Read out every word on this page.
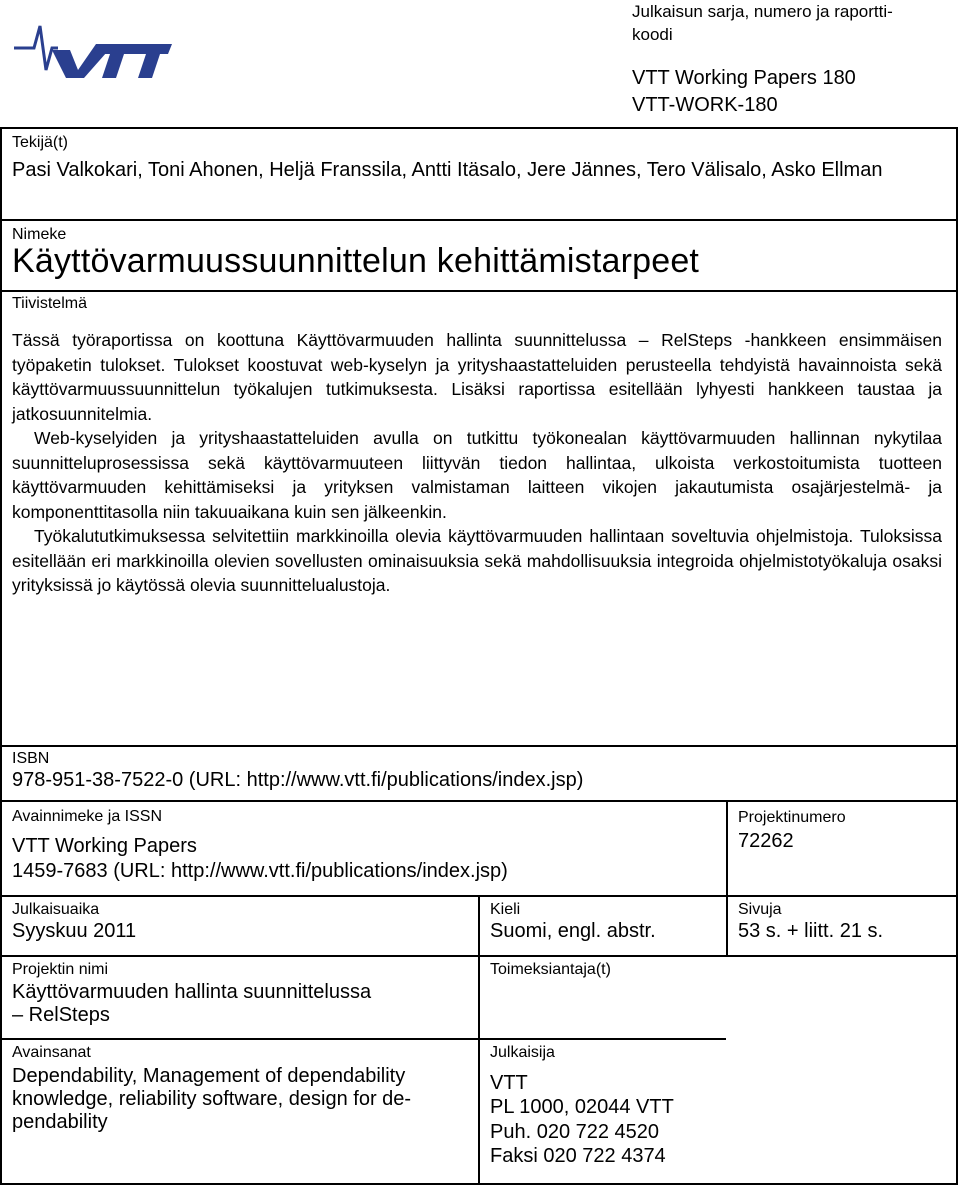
Julkaisun sarja, numero ja raportti-koodi
VTT Working Papers 180
VTT-WORK-180
Tekijä(t)
Pasi Valkokari, Toni Ahonen, Heljä Franssila, Antti Itäsalo, Jere Jännes, Tero Välisalo, Asko Ellman
Nimeke
Käyttövarmuussuunnittelun kehittämistarpeet
Tiivistelmä

Tässä työraportissa on koottuna Käyttövarmuuden hallinta suunnittelussa – RelSteps -hankkeen ensimmäisen työpaketin tulokset. Tulokset koostuvat web-kyselyn ja yrityshaastatteluiden perusteella tehdyistä havainnoista sekä käyttövarmuussuunnittelun työkalujen tutkimuksesta. Lisäksi raportissa esitellään lyhyesti hankkeen taustaa ja jatkosuunnitelmia.

Web-kyselyiden ja yrityshaastatteluiden avulla on tutkittu työkonealan käyttövarmuuden hallinnan nykytilaa suunnitteluprosessissa sekä käyttövarmuuteen liittyvän tiedon hallintaa, ulkoista verkostoitumista tuotteen käyttövarmuuden kehittämiseksi ja yrityksen valmistaman laitteen vikojen jakautumista osajärjestelmä- ja komponenttitasolla niin takuuaikana kuin sen jälkeenkin.

Työkalututkimuksessa selvitettiin markkinoilla olevia käyttövarmuuden hallintaan soveltuvia ohjelmistoja. Tuloksissa esitellään eri markkinoilla olevien sovellusten ominaisuuksia sekä mahdollisuuksia integroida ohjelmistotyökaluja osaksi yrityksissä jo käytössä olevia suunnittelualustoja.

ISBN
978-951-38-7522-0 (URL: http://www.vtt.fi/publications/index.jsp)
Avainnimeke ja ISSN
VTT Working Papers
1459-7683 (URL: http://www.vtt.fi/publications/index.jsp)
Projektinumero
72262
Julkaisuaika
Syyskuu 2011
Kieli
Suomi, engl. abstr.
Sivuja
53 s. + liitt. 21 s.
Projektin nimi
Käyttövarmuuden hallinta suunnittelussa
– RelSteps
Toimeksiantaja(t)
Avainsanat
Dependability, Management of dependability
knowledge, reliability software, design for de-
pendability
Julkaisija
VTT
PL 1000, 02044 VTT
Puh. 020 722 4520
Faksi 020 722 4374
